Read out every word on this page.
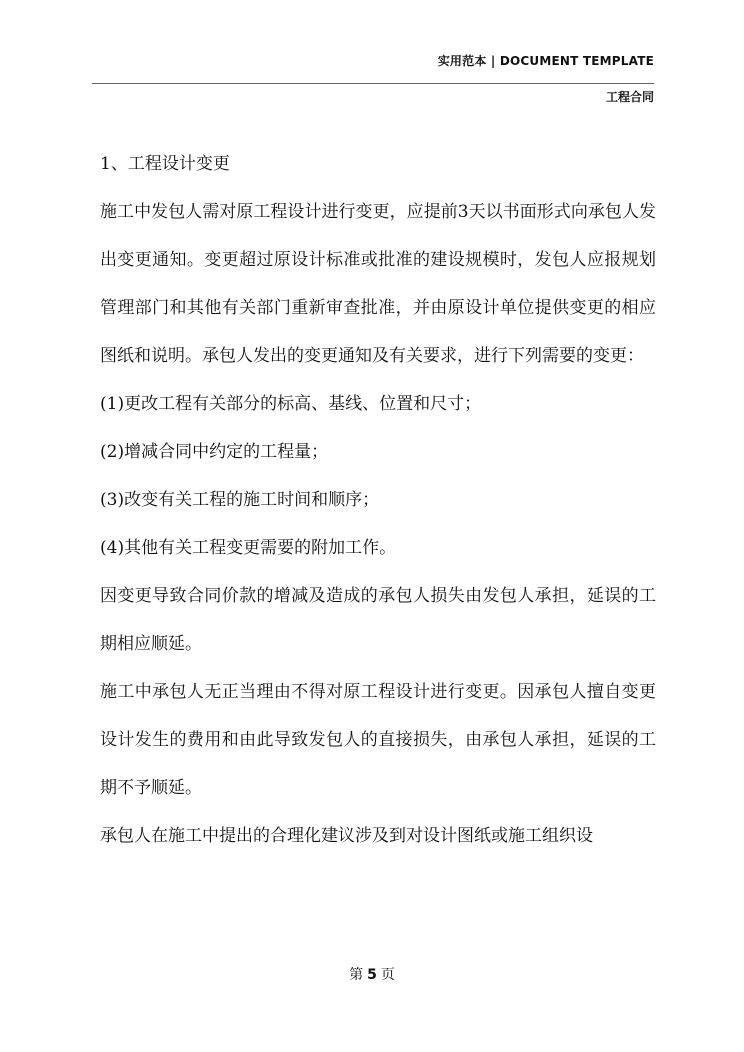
实用范本 | DOCUMENT TEMPLATE
工程合同

1、工程设计变更

施工中发包人需对原工程设计进行变更，应提前3天以书面形式向承包人发出变更通知。变更超过原设计标准或批准的建设规模时，发包人应报规划管理部门和其他有关部门重新审查批准，并由原设计单位提供变更的相应图纸和说明。承包人发出的变更通知及有关要求，进行下列需要的变更：

(1)更改工程有关部分的标高、基线、位置和尺寸；

(2)增减合同中约定的工程量；

(3)改变有关工程的施工时间和顺序；

(4)其他有关工程变更需要的附加工作。

因变更导致合同价款的增减及造成的承包人损失由发包人承担，延误的工期相应顺延。

施工中承包人无正当理由不得对原工程设计进行变更。因承包人擅自变更设计发生的费用和由此导致发包人的直接损失，由承包人承担，延误的工期不予顺延。

承包人在施工中提出的合理化建议涉及到对设计图纸或施工组织设

第 5 页
